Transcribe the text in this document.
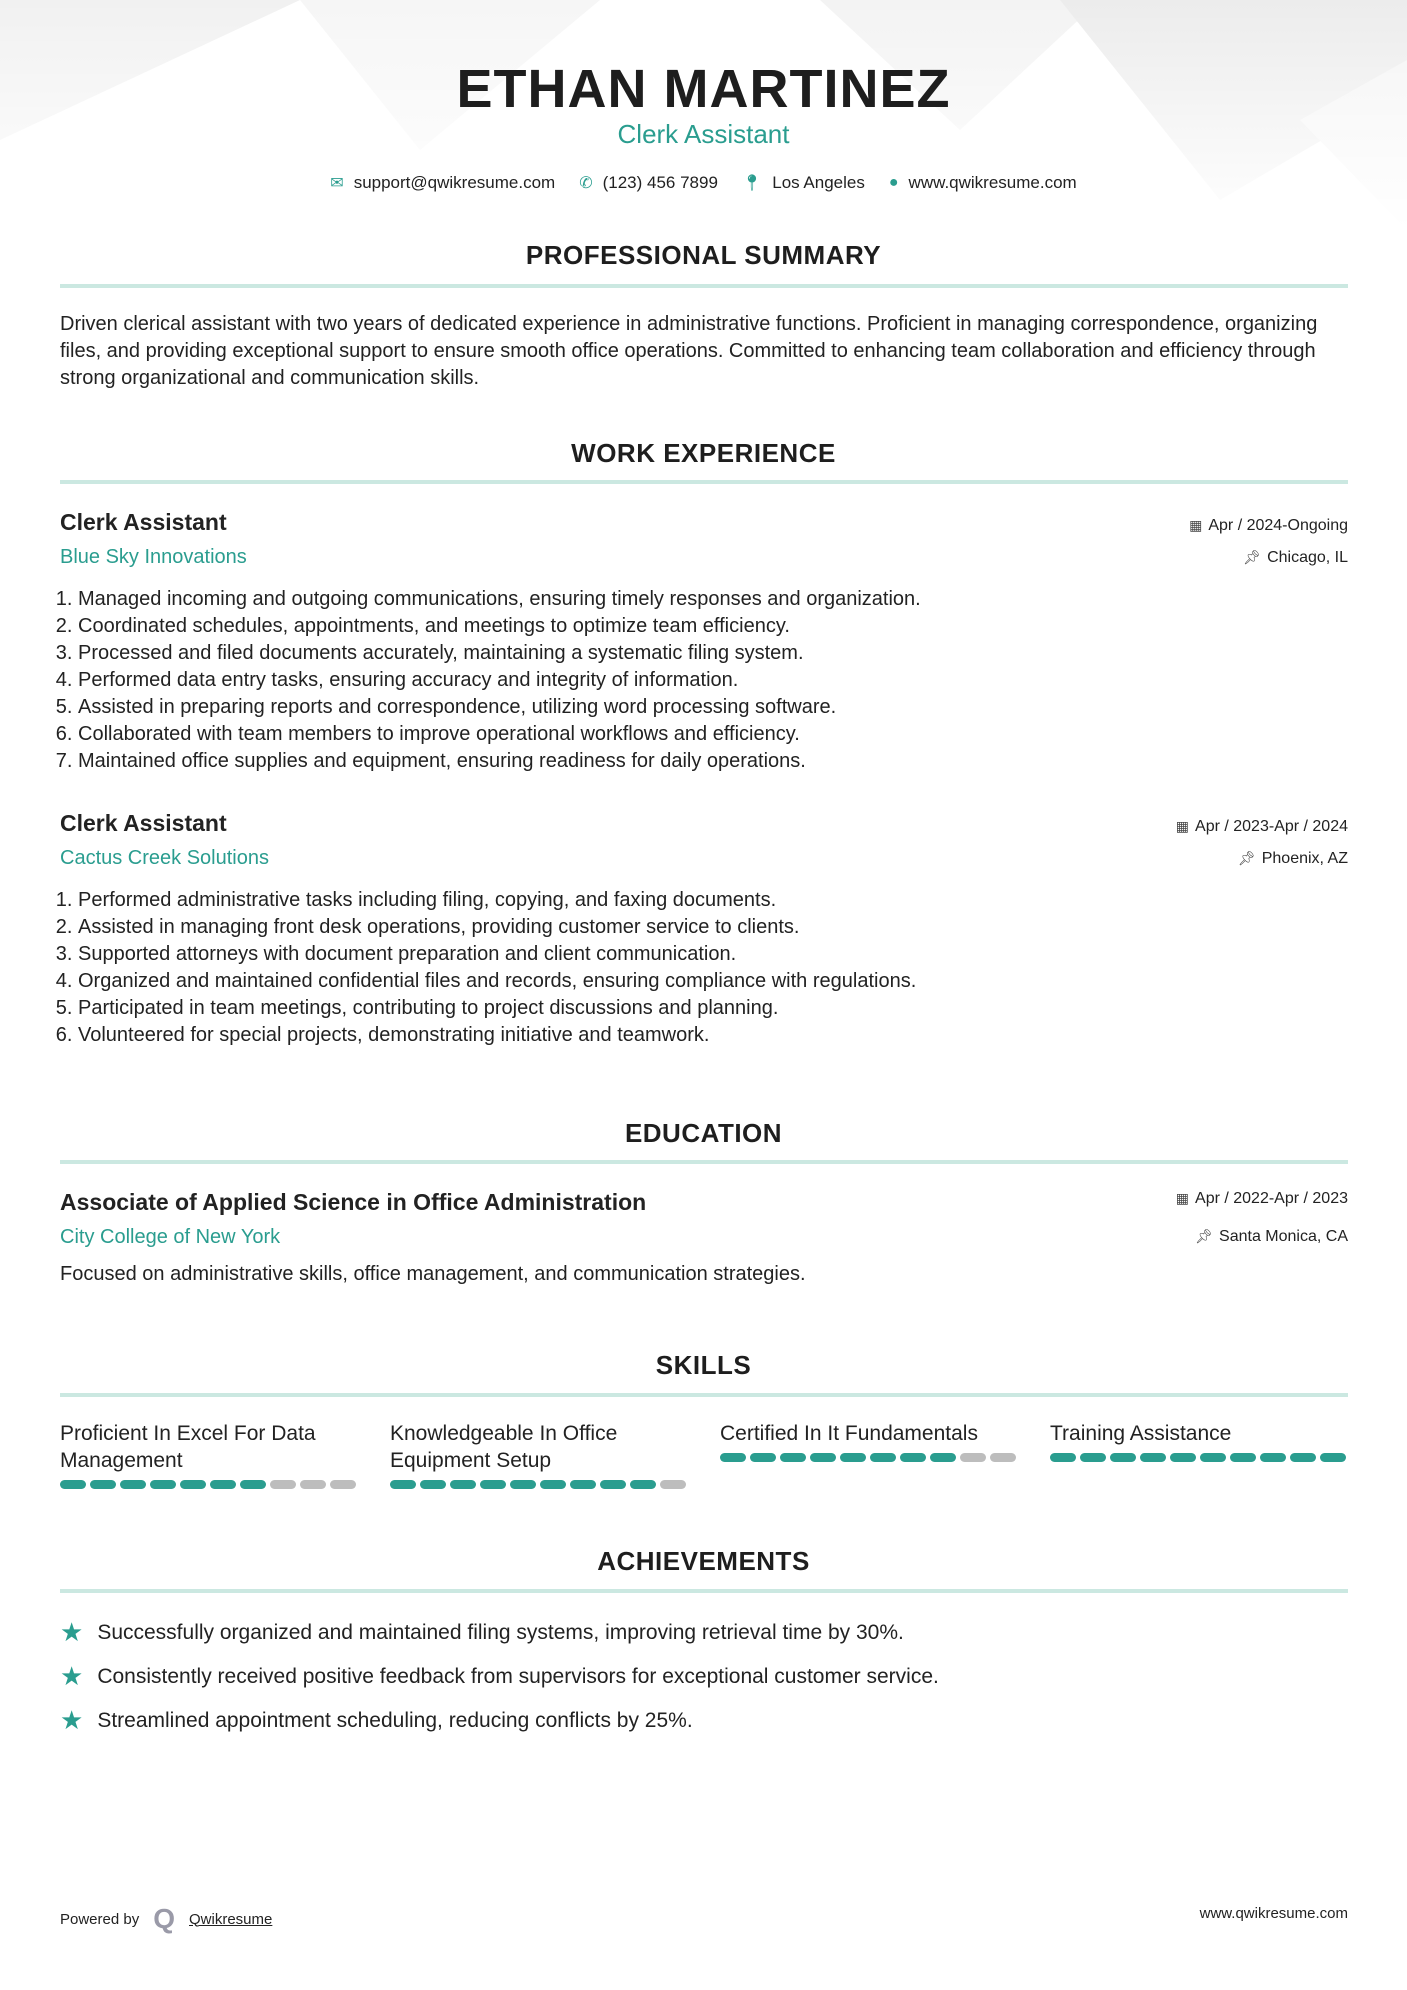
ETHAN MARTINEZ
Clerk Assistant
✉ support@qwikresume.com ✆ (123) 456 7899 📍︎ Los Angeles ● www.qwikresume.com
PROFESSIONAL SUMMARY
Driven clerical assistant with two years of dedicated experience in administrative functions. Proficient in managing correspondence, organizing files, and providing exceptional support to ensure smooth office operations. Committed to enhancing team collaboration and efficiency through strong organizational and communication skills.
WORK EXPERIENCE
Clerk Assistant
Blue Sky Innovations
▦ Apr / 2024-Ongoing
📌︎ Chicago, IL
1. Managed incoming and outgoing communications, ensuring timely responses and organization.
2. Coordinated schedules, appointments, and meetings to optimize team efficiency.
3. Processed and filed documents accurately, maintaining a systematic filing system.
4. Performed data entry tasks, ensuring accuracy and integrity of information.
5. Assisted in preparing reports and correspondence, utilizing word processing software.
6. Collaborated with team members to improve operational workflows and efficiency.
7. Maintained office supplies and equipment, ensuring readiness for daily operations.
Clerk Assistant
Cactus Creek Solutions
▦ Apr / 2023-Apr / 2024
📌︎ Phoenix, AZ
1. Performed administrative tasks including filing, copying, and faxing documents.
2. Assisted in managing front desk operations, providing customer service to clients.
3. Supported attorneys with document preparation and client communication.
4. Organized and maintained confidential files and records, ensuring compliance with regulations.
5. Participated in team meetings, contributing to project discussions and planning.
6. Volunteered for special projects, demonstrating initiative and teamwork.
EDUCATION
Associate of Applied Science in Office Administration
City College of New York
▦ Apr / 2022-Apr / 2023
📌︎ Santa Monica, CA
Focused on administrative skills, office management, and communication strategies.
SKILLS
Proficient In Excel For Data Management
Knowledgeable In Office Equipment Setup
Certified In It Fundamentals	Training Assistance
ACHIEVEMENTS
★ Successfully organized and maintained filing systems, improving retrieval time by 30%.
★ Consistently received positive feedback from supervisors for exceptional customer service.
★ Streamlined appointment scheduling, reducing conflicts by 25%.
Powered by Q Qwikresume	www.qwikresume.com
